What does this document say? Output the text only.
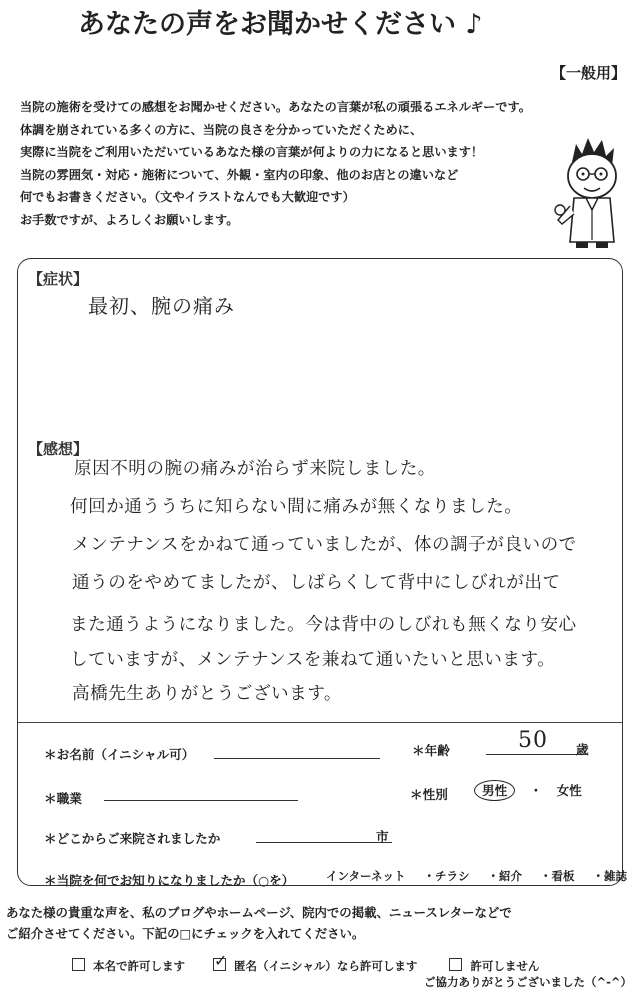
あなたの声をお聞かせください ♪
【一般用】
当院の施術を受けての感想をお聞かせください。あなたの言葉が私の頑張るエネルギーです。
体調を崩されている多くの方に、当院の良さを分かっていただくために、
実際に当院をご利用いただいているあなた様の言葉が何よりの力になると思います！
当院の雰囲気・対応・施術について、外観・室内の印象、他のお店との違いなど
何でもお書きください。（文やイラストなんでも大歓迎です）
お手数ですが、よろしくお願いします。
【症状】
最初、腕の痛み
【感想】
原因不明の腕の痛みが治らず来院しました。
何回か通ううちに知らない間に痛みが無くなりました。
メンテナンスをかねて通っていましたが、体の調子が良いので
通うのをやめてましたが、しばらくして背中にしびれが出て
また通うようになりました。今は背中のしびれも無くなり安心
していますが、メンテナンスを兼ねて通いたいと思います。
高橋先生ありがとうございます。
＊お名前（イニシャル可）	＊年齢	50 歳
＊職業	＊性別	男性 ・ 女性
＊どこからご来院されましたか	市
＊当院を何でお知りになりましたか（○を）	インターネット ・チラシ ・紹介 ・看板 ・雑誌
あなた様の貴重な声を、私のブログやホームページ、院内での掲載、ニュースレターなどで
ご紹介させてください。下記の□にチェックを入れてください。
本名で許可します ✓ 匿名（イニシャル）なら許可します	許可しません
ご協力ありがとうございました（^-^）
